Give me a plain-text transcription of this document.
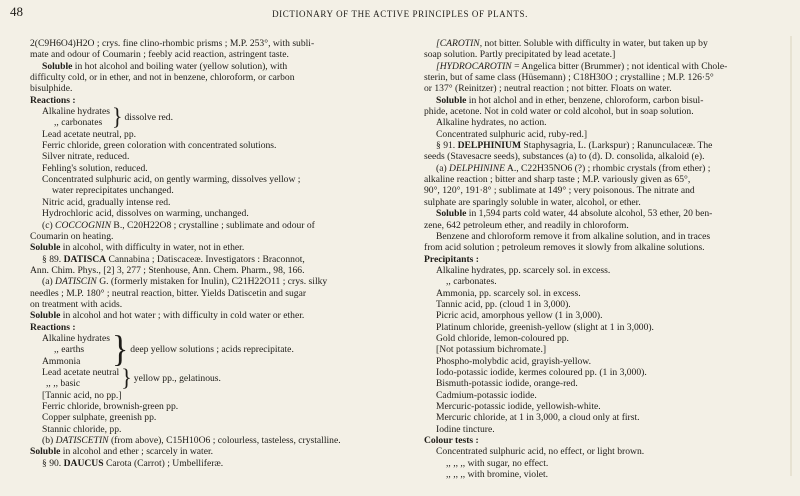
48	DICTIONARY OF THE ACTIVE PRINCIPLES OF PLANTS.

2(C9H6O4)H2O ; crys. fine clino-rhombic prisms ; M.P. 253°, with subli-

mate and odour of Coumarin ; feebly acid reaction, astringent taste.

Soluble in hot alcohol and boiling water (yellow solution), with

difficulty cold, or in ether, and not in benzene, chloroform, or carbon

bisulphide.

Reactions :

Alkaline hydrates
,, carbonates } dissolve red.

Lead acetate neutral, pp.

Ferric chloride, green coloration with concentrated solutions.

Silver nitrate, reduced.

Fehling's solution, reduced.

Concentrated sulphuric acid, on gently warming, dissolves yellow ;

water reprecipitates unchanged.

Nitric acid, gradually intense red.

Hydrochloric acid, dissolves on warming, unchanged.

(c) COCCOGNIN B., C20H22O8 ; crystalline ; sublimate and odour of

Coumarin on heating.

Soluble in alcohol, with difficulty in water, not in ether.

§ 89. DATISCA Cannabina ; Datiscaceæ. Investigators : Braconnot,

Ann. Chim. Phys., [2] 3, 277 ; Stenhouse, Ann. Chem. Pharm., 98, 166.

(a) DATISCIN G. (formerly mistaken for Inulin), C21H22O11 ; crys. silky

needles ; M.P. 180° ; neutral reaction, bitter. Yields Datiscetin and sugar

on treatment with acids.

Soluble in alcohol and hot water ; with difficulty in cold water or ether.

Reactions :

Alkaline hydrates
,, earths
Ammonia } deep yellow solutions ; acids reprecipitate.
Lead acetate neutral
,, ,, basic	} yellow pp., gelatinous.

[Tannic acid, no pp.]

Ferric chloride, brownish-green pp.

Copper sulphate, greenish pp.

Stannic chloride, pp.

(b) DATISCETIN (from above), C15H10O6 ; colourless, tasteless, crystalline.

Soluble in alcohol and ether ; scarcely in water.

§ 90. DAUCUS Carota (Carrot) ; Umbelliferæ.

[CAROTIN, not bitter. Soluble with difficulty in water, but taken up by

soap solution. Partly precipitated by lead acetate.]

[HYDROCAROTIN = Angelica bitter (Brummer) ; not identical with Chole-

sterin, but of same class (Hüsemann) ; C18H30O ; crystalline ; M.P. 126·5°

or 137° (Reinitzer) ; neutral reaction ; not bitter. Floats on water.

Soluble in hot alchol and in ether, benzene, chloroform, carbon bisul-

phide, acetone. Not in cold water or cold alcohol, but in soap solution.

Alkaline hydrates, no action.

Concentrated sulphuric acid, ruby-red.]

§ 91. DELPHINIUM Staphysagria, L. (Larkspur) ; Ranunculaceæ. The

seeds (Stavesacre seeds), substances (a) to (d). D. consolida, alkaloid (e).

(a) DELPHININE A., C22H35NO6 (?) ; rhombic crystals (from ether) ;

alkaline reaction ; bitter and sharp taste ; M.P. variously given as 65°,

90°, 120°, 191·8° ; sublimate at 149° ; very poisonous. The nitrate and

sulphate are sparingly soluble in water, alcohol, or ether.

Soluble in 1,594 parts cold water, 44 absolute alcohol, 53 ether, 20 ben-

zene, 642 petroleum ether, and readily in chloroform.

Benzene and chloroform remove it from alkaline solution, and in traces

from acid solution ; petroleum removes it slowly from alkaline solutions.

Precipitants :

Alkaline hydrates, pp. scarcely sol. in excess.

,, carbonates.

Ammonia, pp. scarcely sol. in excess.

Tannic acid, pp. (cloud 1 in 3,000).

Picric acid, amorphous yellow (1 in 3,000).

Platinum chloride, greenish-yellow (slight at 1 in 3,000).

Gold chloride, lemon-coloured pp.

[Not potassium bichromate.]

Phospho-molybdic acid, grayish-yellow.

Iodo-potassic iodide, kermes coloured pp. (1 in 3,000).

Bismuth-potassic iodide, orange-red.

Cadmium-potassic iodide.

Mercuric-potassic iodide, yellowish-white.

Mercuric chloride, at 1 in 3,000, a cloud only at first.

Iodine tincture.

Colour tests :

Concentrated sulphuric acid, no effect, or light brown.

,, ,, ,, with sugar, no effect.

,, ,, ,, with bromine, violet.
